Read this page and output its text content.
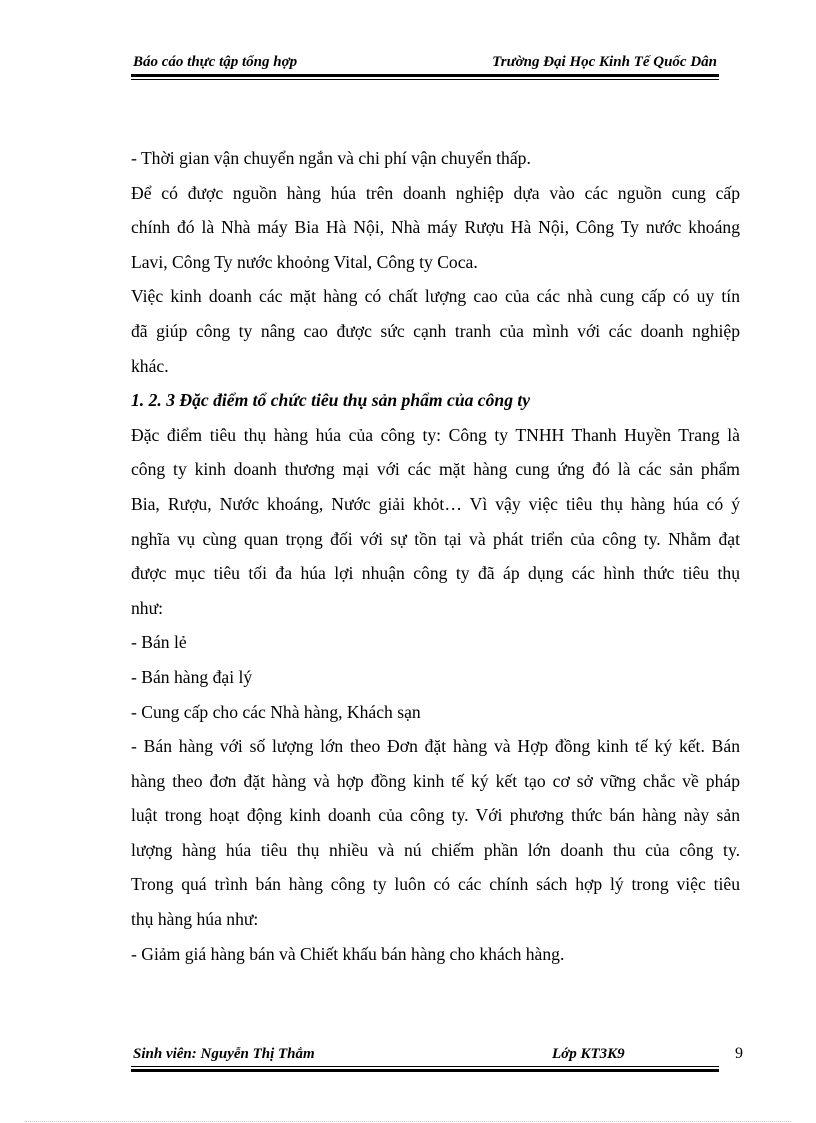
Báo cáo thực tập tổng hợp	Trường Đại Học Kinh Tế Quốc Dân

- Thời gian vận chuyển ngắn và chi phí vận chuyển thấp.

Để có được nguồn hàng húa trên doanh nghiệp dựa vào các nguồn cung cấp

chính đó là Nhà máy Bia Hà Nội, Nhà máy Rượu Hà Nội, Công Ty nước khoáng

Lavi, Công Ty nước khoỏng Vital, Công ty Coca.

Việc kinh doanh các mặt hàng có chất lượng cao của các nhà cung cấp có uy tín

đã giúp công ty nâng cao được sức cạnh tranh của mình với các doanh nghiệp

khác.

1. 2. 3 Đặc điểm tổ chức tiêu thụ sản phẩm của công ty

Đặc điểm tiêu thụ hàng húa của công ty: Công ty TNHH Thanh Huyền Trang là

công ty kinh doanh thương mại với các mặt hàng cung ứng đó là các sản phẩm

Bia, Rượu, Nước khoáng, Nước giải khỏt… Vì vậy việc tiêu thụ hàng húa có ý

nghĩa vụ cùng quan trọng đối với sự tồn tại và phát triển của công ty. Nhằm đạt

được mục tiêu tối đa húa lợi nhuận công ty đã áp dụng các hình thức tiêu thụ

như:

- Bán lẻ

- Bán hàng đại lý

- Cung cấp cho các Nhà hàng, Khách sạn

- Bán hàng với số lượng lớn theo Đơn đặt hàng và Hợp đồng kinh tế ký kết. Bán

hàng theo đơn đặt hàng và hợp đồng kinh tế ký kết tạo cơ sở vững chắc về pháp

luật trong hoạt động kinh doanh của công ty. Với phương thức bán hàng này sản

lượng hàng húa tiêu thụ nhiều và nú chiếm phần lớn doanh thu của công ty.

Trong quá trình bán hàng công ty luôn có các chính sách hợp lý trong việc tiêu

thụ hàng húa như:

- Giảm giá hàng bán và Chiết khấu bán hàng cho khách hàng.

Sinh viên: Nguyễn Thị Thắm	Lớp KT3K9	9
